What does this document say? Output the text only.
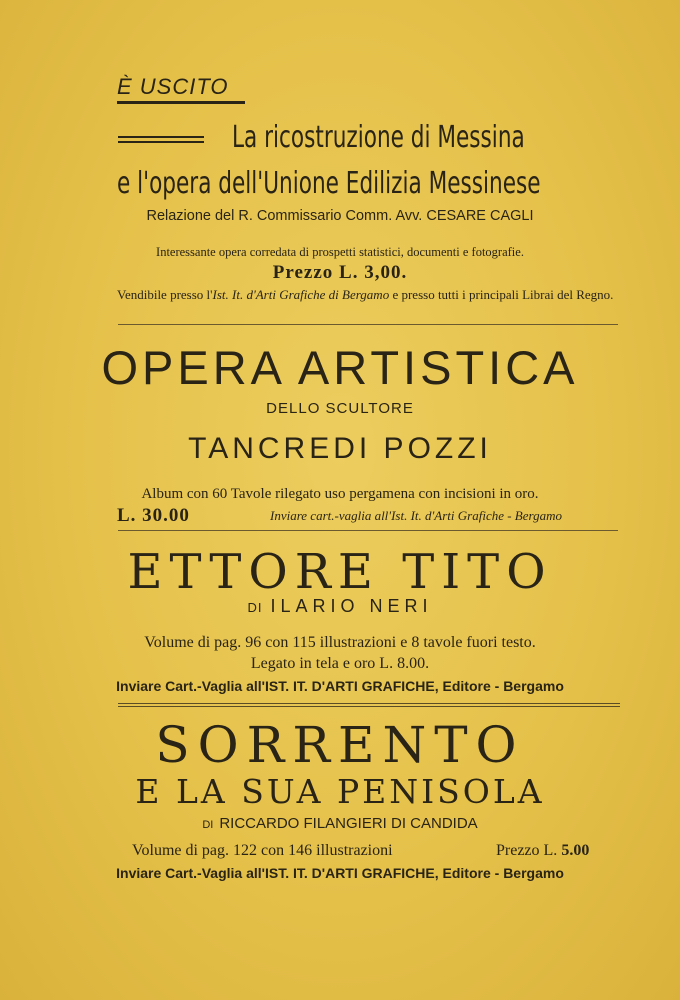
È USCITO
La ricostruzione di Messina
e l'opera dell'Unione Edilizia Messinese
Relazione del R. Commissario Comm. Avv. CESARE CAGLI
Interessante opera corredata di prospetti statistici, documenti e fotografie.
Prezzo L. 3,00.
Vendibile presso l'Ist. It. d'Arti Grafiche di Bergamo e presso tutti i principali Librai del Regno.
OPERA ARTISTICA
DELLO SCULTORE
TANCREDI POZZI
Album con 60 Tavole rilegato uso pergamena con incisioni in oro.
L. 30.00	Inviare cart.-vaglia all'Ist. It. d'Arti Grafiche - Bergamo
ETTORE TITO
DI ILARIO NERI
Volume di pag. 96 con 115 illustrazioni e 8 tavole fuori testo.
Legato in tela e oro L. 8.00.
Inviare Cart.-Vaglia all'IST. IT. D'ARTI GRAFICHE, Editore - Bergamo
SORRENTO
E LA SUA PENISOLA
DI RICCARDO FILANGIERI DI CANDIDA
Volume di pag. 122 con 146 illustrazioni	Prezzo L. 5.00
Inviare Cart.-Vaglia all'IST. IT. D'ARTI GRAFICHE, Editore - Bergamo
